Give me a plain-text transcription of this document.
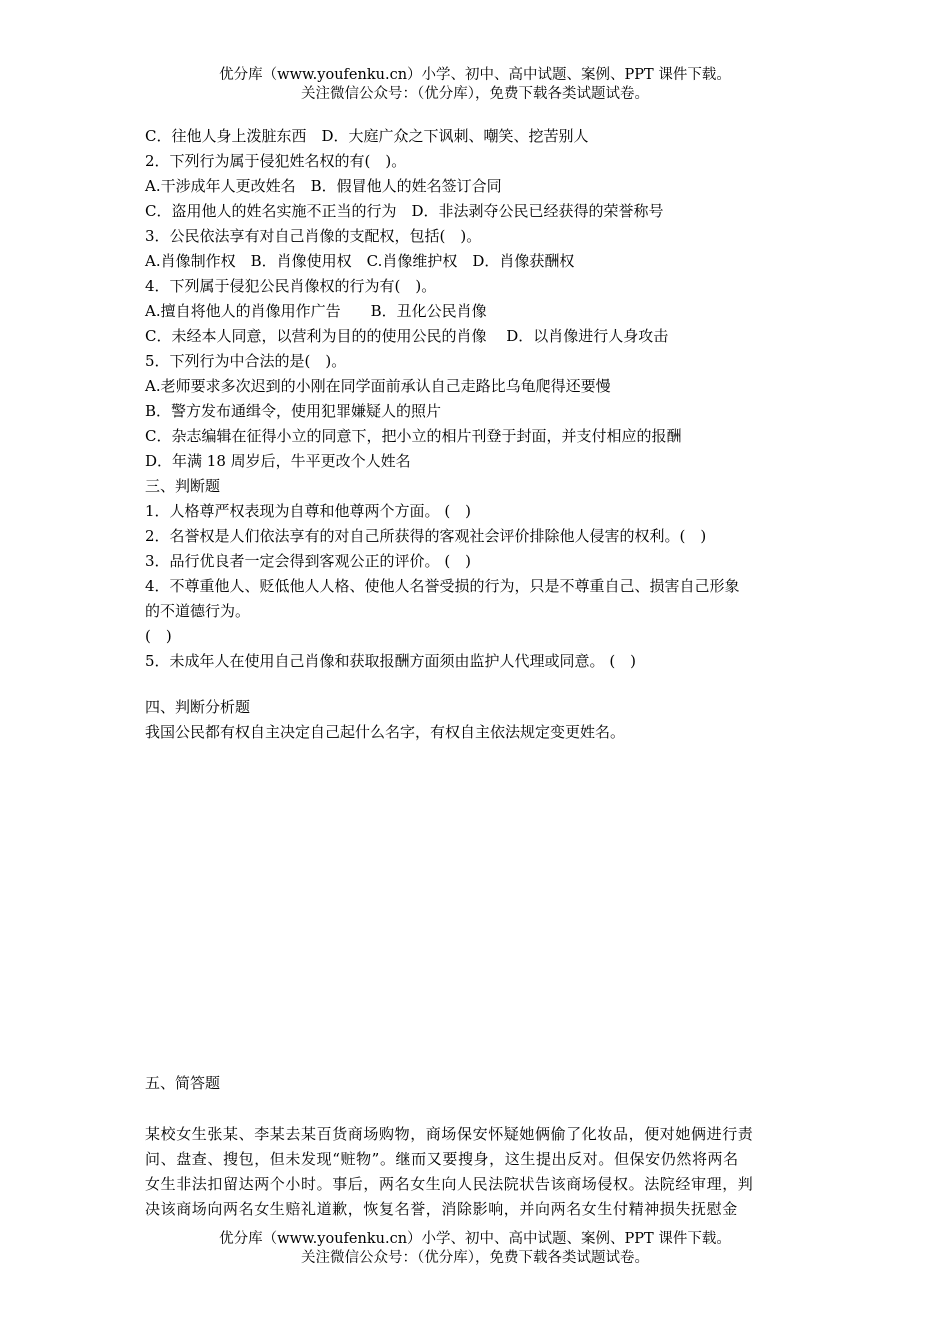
优分库（www.youfenku.cn）小学、初中、高中试题、案例、PPT 课件下载。
关注微信公众号：（优分库），免费下载各类试题试卷。
C．往他人身上泼脏东西　D．大庭广众之下讽刺、嘲笑、挖苦别人
2．下列行为属于侵犯姓名权的有(　)。
A.干涉成年人更改姓名　B．假冒他人的姓名签订合同
C．盗用他人的姓名实施不正当的行为　D．非法剥夺公民已经获得的荣誉称号
3．公民依法享有对自己肖像的支配权，包括(　)。
A.肖像制作权　B．肖像使用权　C.肖像维护权　D．肖像获酬权
4．下列属于侵犯公民肖像权的行为有(　)。
A.擅自将他人的肖像用作广告　　B．丑化公民肖像
C．未经本人同意，以营利为目的的使用公民的肖像　 D．以肖像进行人身攻击
5．下列行为中合法的是(　)。
A.老师要求多次迟到的小刚在同学面前承认自己走路比乌龟爬得还要慢
B．警方发布通缉令，使用犯罪嫌疑人的照片
C．杂志编辑在征得小立的同意下，把小立的相片刊登于封面，并支付相应的报酬
D．年满 18 周岁后，牛平更改个人姓名
三、判断题
1．人格尊严权表现为自尊和他尊两个方面。 (　)
2．名誉权是人们依法享有的对自己所获得的客观社会评价排除他人侵害的权利。(　)
3．品行优良者一定会得到客观公正的评价。 (　)
4．不尊重他人、贬低他人人格、使他人名誉受损的行为，只是不尊重自己、损害自己形象
的不道德行为。
(　)
5．未成年人在使用自己肖像和获取报酬方面须由监护人代理或同意。 (　)
四、判断分析题
我国公民都有权自主决定自己起什么名字，有权自主依法规定变更姓名。
五、简答题
某校女生张某、李某去某百货商场购物，商场保安怀疑她俩偷了化妆品，便对她俩进行责
问、盘查、搜包，但未发现“赃物”。继而又要搜身，这生提出反对。但保安仍然将两名
女生非法扣留达两个小时。事后，两名女生向人民法院状告该商场侵权。法院经审理，判
决该商场向两名女生赔礼道歉，恢复名誉，消除影响，并向两名女生付精神损失抚慰金
优分库（www.youfenku.cn）小学、初中、高中试题、案例、PPT 课件下载。
关注微信公众号：（优分库），免费下载各类试题试卷。
